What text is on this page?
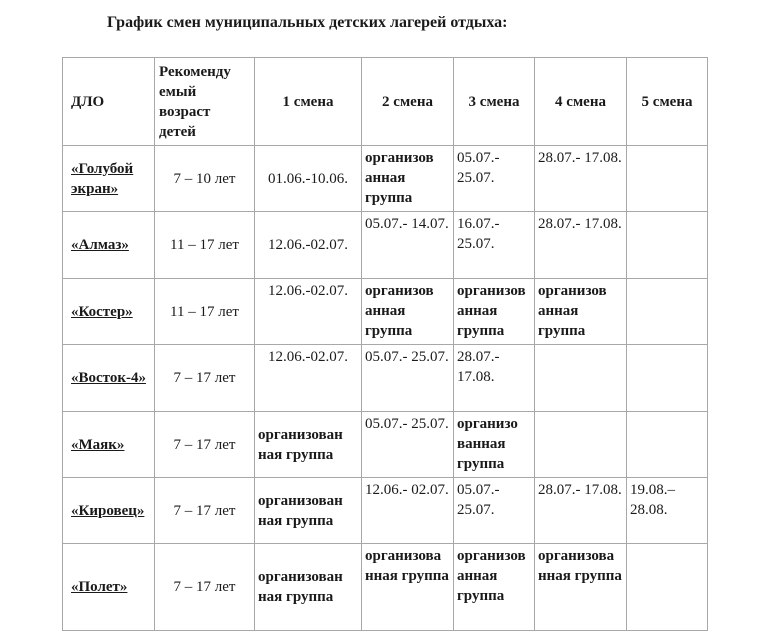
График смен муниципальных детских лагерей отдыха:
ДЛО	Рекоменду емый возраст детей	1 смена	2 смена	3 смена	4 смена	5 смена
«Голубой экран»	7 – 10 лет	01.06.-10.06.	организов анная группа	05.07.- 25.07.	28.07.- 17.08.	
«Алмаз»	11 – 17 лет	12.06.-02.07.	05.07.- 14.07.	16.07.- 25.07.	28.07.- 17.08.	
«Костер»	11 – 17 лет	12.06.-02.07.	организов анная группа	организов анная группа	организов анная группа	
«Восток-4»	7 – 17 лет	12.06.-02.07.	05.07.- 25.07.	28.07.- 17.08.		
«Маяк»	7 – 17 лет	организован ная группа	05.07.- 25.07.	организо ванная группа		
«Кировец»	7 – 17 лет	организован ная группа	12.06.- 02.07.	05.07.- 25.07.	28.07.- 17.08.	19.08.– 28.08.
«Полет»	7 – 17 лет	организован ная группа	организова нная группа	организов анная группа	организова нная группа	
